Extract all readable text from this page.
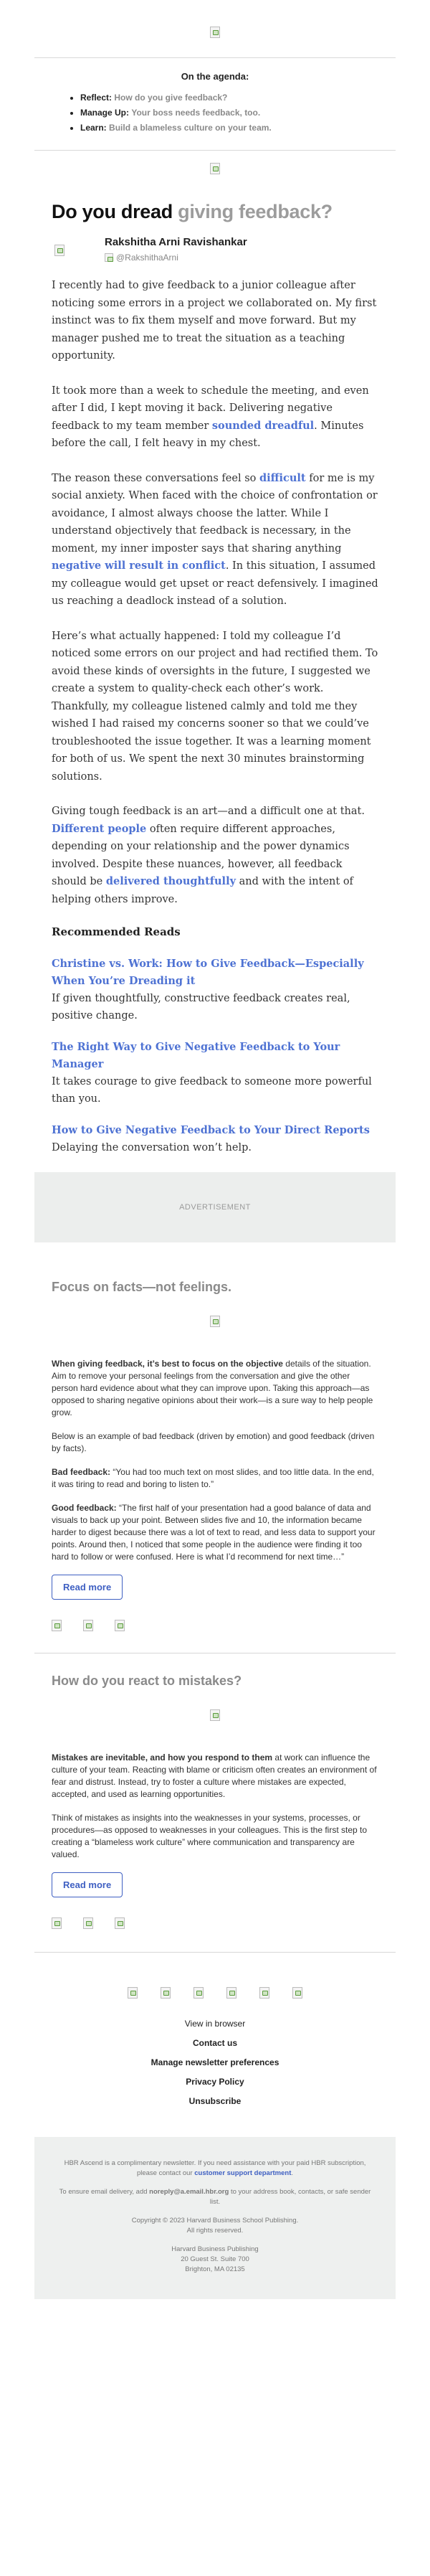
On the agenda:
• Reflect: How do you give feedback?
• Manage Up: Your boss needs feedback, too.
• Learn: Build a blameless culture on your team.
Do you dread giving feedback?
Rakshitha Arni Ravishankar
@RakshithaArni

I recently had to give feedback to a junior colleague after noticing some errors in a project we collaborated on. My first instinct was to fix them myself and move forward. But my manager pushed me to treat the situation as a teaching opportunity.

It took more than a week to schedule the meeting, and even after I did, I kept moving it back. Delivering negative feedback to my team member sounded dreadful. Minutes before the call, I felt heavy in my chest.

The reason these conversations feel so difficult for me is my social anxiety. When faced with the choice of confrontation or avoidance, I almost always choose the latter. While I understand objectively that feedback is necessary, in the moment, my inner imposter says that sharing anything negative will result in conflict. In this situation, I assumed my colleague would get upset or react defensively. I imagined us reaching a deadlock instead of a solution.

Here’s what actually happened: I told my colleague I’d noticed some errors on our project and had rectified them. To avoid these kinds of oversights in the future, I suggested we create a system to quality-check each other’s work. Thankfully, my colleague listened calmly and told me they wished I had raised my concerns sooner so that we could’ve troubleshooted the issue together. It was a learning moment for both of us. We spent the next 30 minutes brainstorming solutions.

Giving tough feedback is an art—and a difficult one at that. Different people often require different approaches, depending on your relationship and the power dynamics involved. Despite these nuances, however, all feedback should be delivered thoughtfully and with the intent of helping others improve.

Recommended Reads
Christine vs. Work: How to Give Feedback—Especially When You’re Dreading it
If given thoughtfully, constructive feedback creates real, positive change.
The Right Way to Give Negative Feedback to Your Manager
It takes courage to give feedback to someone more powerful than you.
How to Give Negative Feedback to Your Direct Reports
Delaying the conversation won’t help.
ADVERTISEMENT
Focus on facts—not feelings.

When giving feedback, it’s best to focus on the objective details of the situation. Aim to remove your personal feelings from the conversation and give the other person hard evidence about what they can improve upon. Taking this approach—as opposed to sharing negative opinions about their work—is a sure way to help people grow.

Below is an example of bad feedback (driven by emotion) and good feedback (driven by facts).

Bad feedback: “You had too much text on most slides, and too little data. In the end, it was tiring to read and boring to listen to.”

Good feedback: “The first half of your presentation had a good balance of data and visuals to back up your point. Between slides five and 10, the information became harder to digest because there was a lot of text to read, and less data to support your points. Around then, I noticed that some people in the audience were finding it too hard to follow or were confused. Here is what I’d recommend for next time…”

Read more
How do you react to mistakes?

Mistakes are inevitable, and how you respond to them at work can influence the culture of your team. Reacting with blame or criticism often creates an environment of fear and distrust. Instead, try to foster a culture where mistakes are expected, accepted, and used as learning opportunities.

Think of mistakes as insights into the weaknesses in your systems, processes, or procedures—as opposed to weaknesses in your colleagues. This is the first step to creating a “blameless work culture” where communication and transparency are valued.

Read more
View in browser
Contact us
Manage newsletter preferences
Privacy Policy
Unsubscribe

HBR Ascend is a complimentary newsletter. If you need assistance with your paid HBR subscription, please contact our customer support department.

To ensure email delivery, add noreply@a.email.hbr.org to your address book, contacts, or safe sender list.

Copyright © 2023 Harvard Business School Publishing.
All rights reserved.

Harvard Business Publishing
20 Guest St. Suite 700
Brighton, MA 02135
